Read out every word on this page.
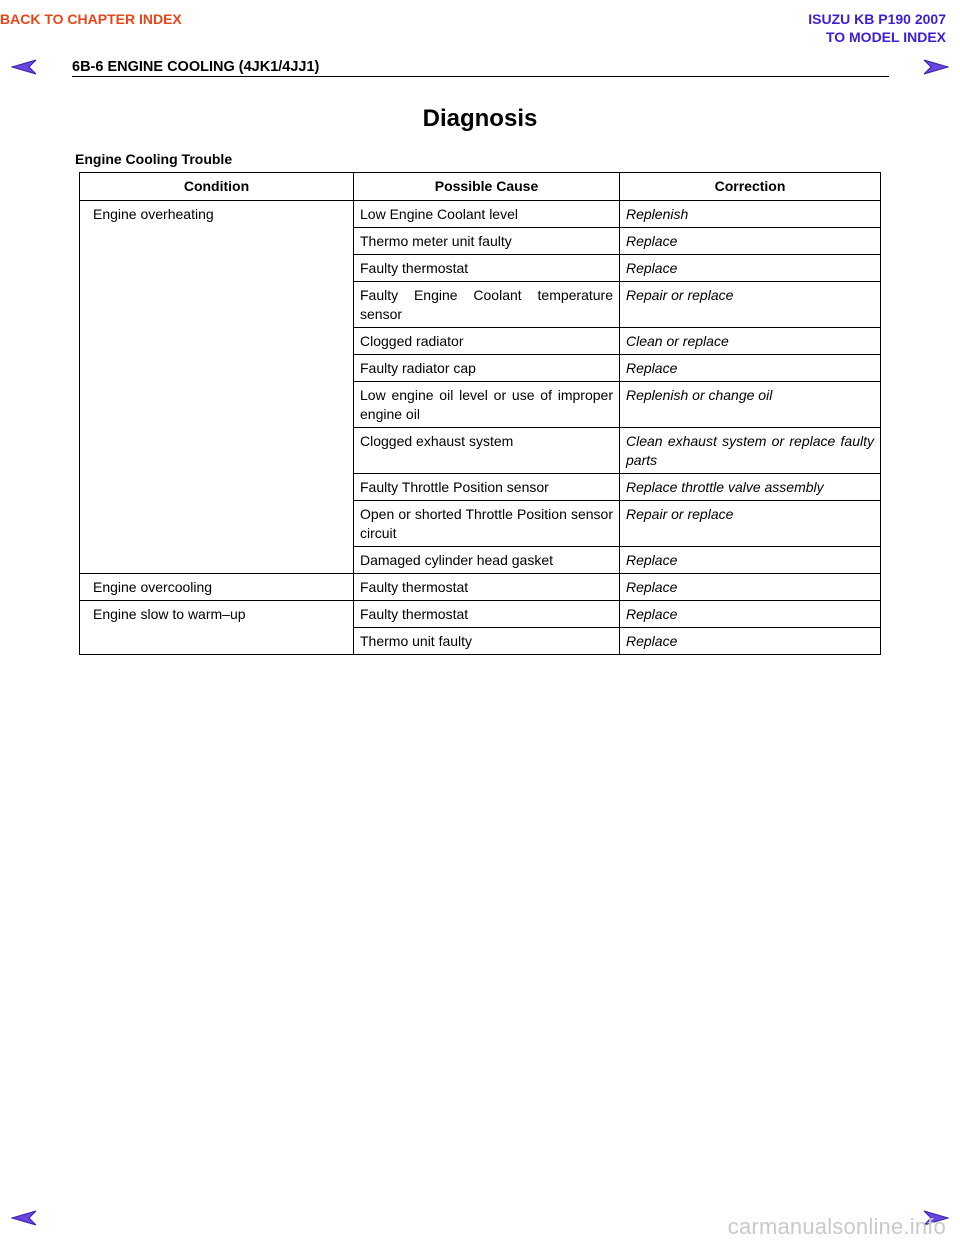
BACK TO CHAPTER INDEX	ISUZU KB P190 2007
TO MODEL INDEX
6B-6 ENGINE COOLING (4JK1/4JJ1)
Diagnosis
Engine Cooling Trouble
Condition	Possible Cause	Correction
Engine overheating	Low Engine Coolant level	Replenish
	Thermo meter unit faulty	Replace
	Faulty thermostat	Replace
	Faulty Engine Coolant temperature sensor	Repair or replace
	Clogged radiator	Clean or replace
	Faulty radiator cap	Replace
	Low engine oil level or use of improper engine oil	Replenish or change oil
	Clogged exhaust system	Clean exhaust system or replace faulty parts
	Faulty Throttle Position sensor	Replace throttle valve assembly
	Open or shorted Throttle Position sensor circuit	Repair or replace
	Damaged cylinder head gasket	Replace
Engine overcooling	Faulty thermostat	Replace
Engine slow to warm–up	Faulty thermostat	Replace
	Thermo unit faulty	Replace
carmanualsonline.info
